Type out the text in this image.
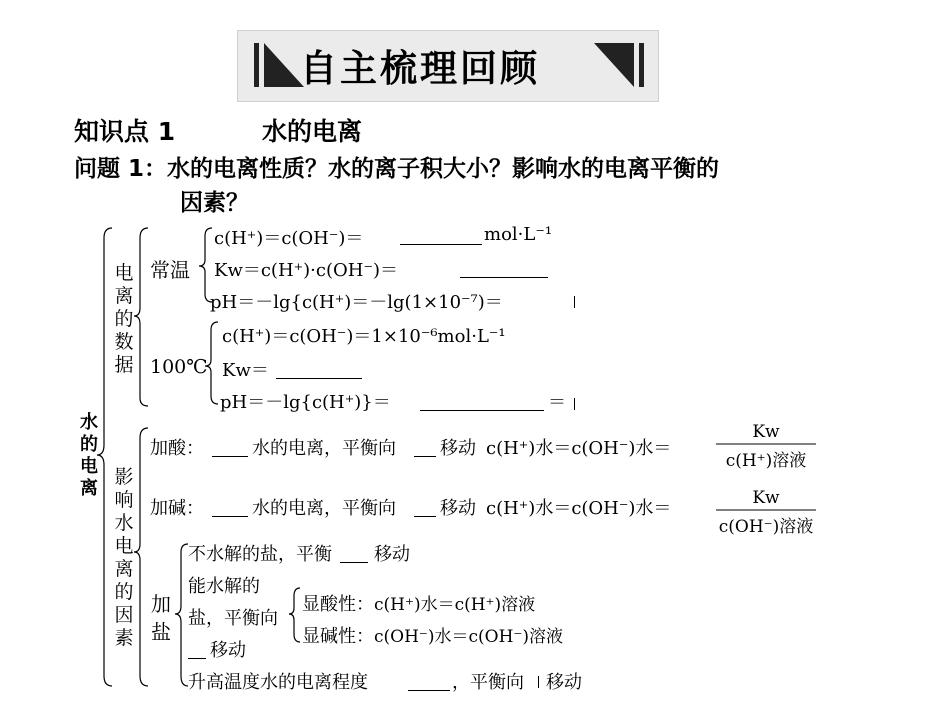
自主梳理回顾
知识点 1	水的电离
问题 1：水的电离性质？水的离子积大小？影响水的电离平衡的
因素？
水的电离
电离的数据
影响水电离的因素
加盐
常温
c(H⁺)＝c(OH⁻)＝	mol·L⁻¹
Kw＝c(H⁺)·c(OH⁻)＝
pH＝－lg{c(H⁺)＝－lg(1×10⁻⁷)＝
100℃
c(H⁺)＝c(OH⁻)＝1×10⁻⁶mol·L⁻¹
Kw＝
pH＝－lg{c(H⁺)}＝	＝
加酸：	水的电离，平衡向 移动 c(H⁺)水＝c(OH⁻)水＝
Kw
c(H⁺)溶液
加碱：	水的电离，平衡向 移动 c(H⁺)水＝c(OH⁻)水＝	Kw
c(OH⁻)溶液
不水解的盐，平衡 移动
能水解的
盐，平衡向
移动
显酸性： c(H⁺)水＝c(H⁺)溶液
显碱性： c(OH⁻)水＝c(OH⁻)溶液
升高温度水的电离程度	，平衡向 移动
